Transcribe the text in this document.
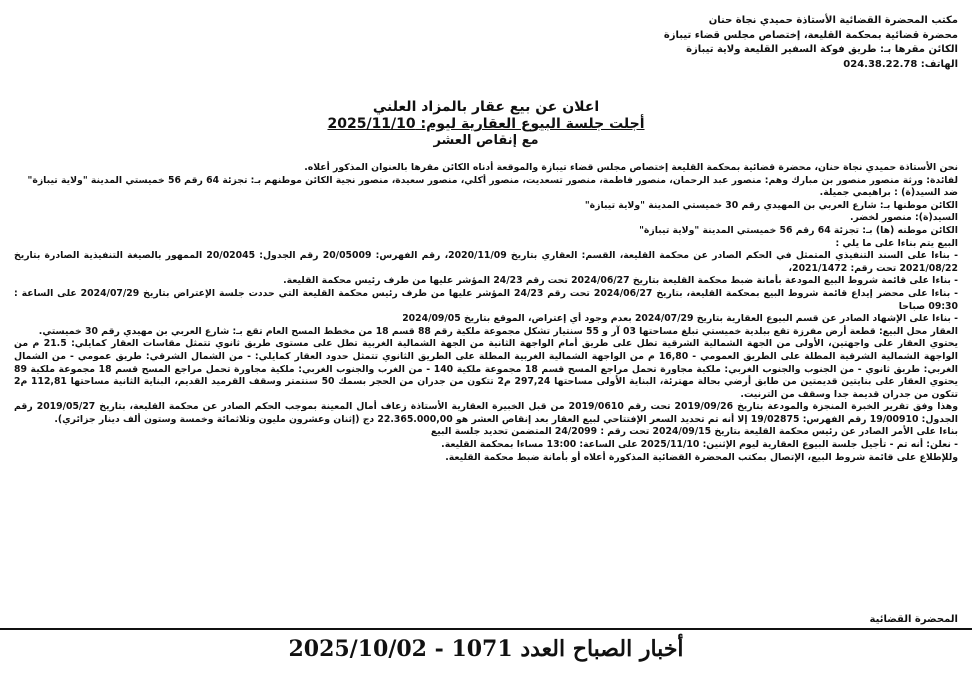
مكتب المحضرة القضائية الأستاذة حميدي نجاة حنان
محضرة قضائية بمحكمة القليعة، إختصاص مجلس قضاء تيبازة
الكائن مقرها بـ: طريق فوكة السفير القليعة ولاية تيبازة
الهاتف: 024.38.22.78
اعلان عن بيع عقار بالمزاد العلني
أجلت جلسة البيوع العقارية ليوم: 2025/11/10
مع إنقاص العشر

نحن الأستاذة حميدي نجاة حنان، محضرة قضائية بمحكمة القليعة إختصاص مجلس قضاء تيبازة والموقعة أدناه الكائن مقرها بالعنوان المذكور أعلاه.

لفائدة: ورثة منصور منصور بن مبارك وهم: منصور عبد الرحمان، منصور فاطمة، منصور تسعديت، منصور أكلي، منصور سعيدة، منصور نجية الكائن موطنهم بـ: تجزئة 64 رقم 56 خميستي المدينة "ولاية تيبازة"

ضد السيد(ة) : براهيمي جميلة.

الكائن موطنها بـ: شارع العربي بن المهيدي رقم 30 خميستي المدينة "ولاية تيبازة"

السيد(ة): منصور لخضر.

الكائن موطنه (ها) بـ: تجزئة 64 رقم 56 خميستي المدينة "ولاية تيبازة"

البيع يتم بناءا على ما يلي :

- بناءا على السند التنفيذي المتمثل في الحكم الصادر عن محكمة القليعة، القسم: العقاري بتاريخ 2020/11/09، رقم الفهرس: 20/05009 رقم الجدول: 20/02045 الممهور بالصيغة التنفيذية الصادرة بتاريخ 2021/08/22 تحت رقم: 2021/1472،

- بناءا على قائمة شروط البيع المودعة بأمانة ضبط محكمة القليعة بتاريخ 2024/06/27 تحت رقم 24/23 المؤشر عليها من طرف رئيس محكمة القليعة.

- بناءا على محضر إيداع قائمة شروط البيع بمحكمة القليعة، بتاريخ 2024/06/27 تحت رقم 24/23 المؤشر عليها من طرف رئيس محكمة القليعة التي حددت جلسة الإعتراض بتاريخ 2024/07/29 على الساعة : 09:30 صباحا

- بناءا على الإشهاد الصادر عن قسم البيوع العقارية بتاريخ 2024/07/29 بعدم وجود أي إعتراض، الموقع بتاريخ 2024/09/05

العقار محل البيع: قطعة أرض مفرزة تقع ببلدية خميستي تبلغ مساحتها 03 آر و 55 سنتيار تشكل مجموعة ملكية رقم 88 قسم 18 من مخطط المسح العام تقع بـ: شارع العربي بن مهيدي رقم 30 خميستي.

يحتوي العقار على واجهتين، الأولى من الجهة الشمالية الشرقية تطل على طريق أمام الواجهة الثانية من الجهة الشمالية الغربية تطل على مستوى طريق ثانوي تتمثل مقاسات العقار كمايلي: 21.5 م من الواجهة الشمالية الشرقية المطلة على الطريق العمومي - 16,80 م من الواجهة الشمالية الغربية المطلة على الطريق الثانوي تتمثل حدود العقار كمايلي: - من الشمال الشرقي: طريق عمومي - من الشمال الغربي: طريق ثانوي - من الجنوب والجنوب الغربي: ملكية مجاورة تحمل مراجع المسح قسم 18 مجموعة ملكية 140 - من الغرب والجنوب الغربي: ملكية مجاورة تحمل مراجع المسح قسم 18 مجموعة ملكية 89 يحتوي العقار على بنايتين قديمتين من طابق أرضي بحالة مهترئة، البناية الأولى مساحتها 297,24 م2 تتكون من جدران من الحجر بسمك 50 سنتمتر وسقف القرميد القديم، البناية الثانية مساحتها 112,81 م2 تتكون من جدران قديمة جدا وسقف من الترنيت.

وهذا وفق تقرير الخبرة المنجزة والمودعة بتاريخ 2019/09/26 تحت رقم 2019/0610 من قبل الخبيرة العقارية الأستاذة زعاف أمال المعينة بموجب الحكم الصادر عن محكمة القليعة، بتاريخ 2019/05/27 رقم الجدول: 19/00910 رقم الفهرس: 19/02875 إلا أنه تم تحديد السعر الإفتتاحي لبيع العقار بعد إنقاص العشر هو 22.365.000,00 دج (إثنان وعشرون مليون وثلاثمائة وخمسة وستون ألف دينار جزائري).

بناءا على الأمر الصادر عن رئيس محكمة القليعة بتاريخ 2024/09/15 تحت رقم : 24/2099 المتضمن تحديد جلسة البيع

- نعلن: أنه تم - تأجيل جلسة البيوع العقارية ليوم الإثنين: 2025/11/10 على الساعة: 13:00 مساءا بمحكمة القليعة.

وللإطلاع على قائمة شروط البيع، الإتصال بمكتب المحضرة القضائية المذكورة أعلاه أو بأمانة ضبط محكمة القليعة.

المحضرة القضائية
أخبار الصباح العدد 1071 - 2025/10/02
